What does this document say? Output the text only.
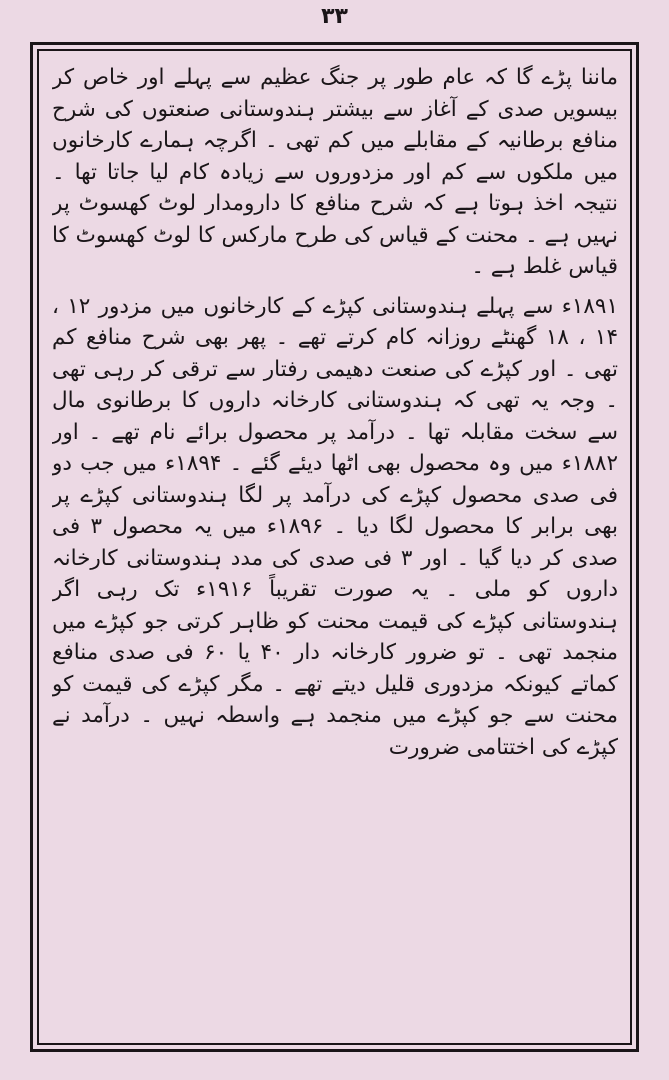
۳۳

ماننا پڑے گا کہ عام طور پر جنگ عظیم سے پہلے اور خاص کر بیسویں صدی کے آغاز سے بیشتر ہندوستانی صنعتوں کی شرح منافع برطانیہ کے مقابلے میں کم تھی ۔ اگرچہ ہمارے کارخانوں میں ملکوں سے کم اور مزدوروں سے زیادہ کام لیا جاتا تھا ۔ نتیجہ اخذ ہوتا ہے کہ شرح منافع کا دارومدار لوٹ کھسوٹ پر نہیں ہے ۔ محنت کے قیاس کی طرح مارکس کا لوٹ کھسوٹ کا قیاس غلط ہے ۔

۱۸۹۱ء سے پہلے ہندوستانی کپڑے کے کارخانوں میں مزدور ۱۲ ، ۱۴ ، ۱۸ گھنٹے روزانہ کام کرتے تھے ۔ پھر بھی شرح منافع کم تھی ۔ اور کپڑے کی صنعت دھیمی رفتار سے ترقی کر رہی تھی ۔ وجہ یہ تھی کہ ہندوستانی کارخانہ داروں کا برطانوی مال سے سخت مقابلہ تھا ۔ درآمد پر محصول برائے نام تھے ۔ اور ۱۸۸۲ء میں وہ محصول بھی اٹھا دیئے گئے ۔ ۱۸۹۴ء میں جب دو فی صدی محصول کپڑے کی درآمد پر لگا ہندوستانی کپڑے پر بھی برابر کا محصول لگا دیا ۔ ۱۸۹۶ء میں یہ محصول ۳ فی صدی کر دیا گیا ۔ اور ۳ فی صدی کی مدد ہندوستانی کارخانہ داروں کو ملی ۔ یہ صورت تقریباً ۱۹۱۶ء تک رہی اگر ہندوستانی کپڑے کی قیمت محنت کو ظاہر کرتی جو کپڑے میں منجمد تھی ۔ تو ضرور کارخانہ دار ۴۰ یا ۶۰ فی صدی منافع کماتے کیونکہ مزدوری قلیل دیتے تھے ۔ مگر کپڑے کی قیمت کو محنت سے جو کپڑے میں منجمد ہے واسطہ نہیں ۔ درآمد نے کپڑے کی اختتامی ضرورت
